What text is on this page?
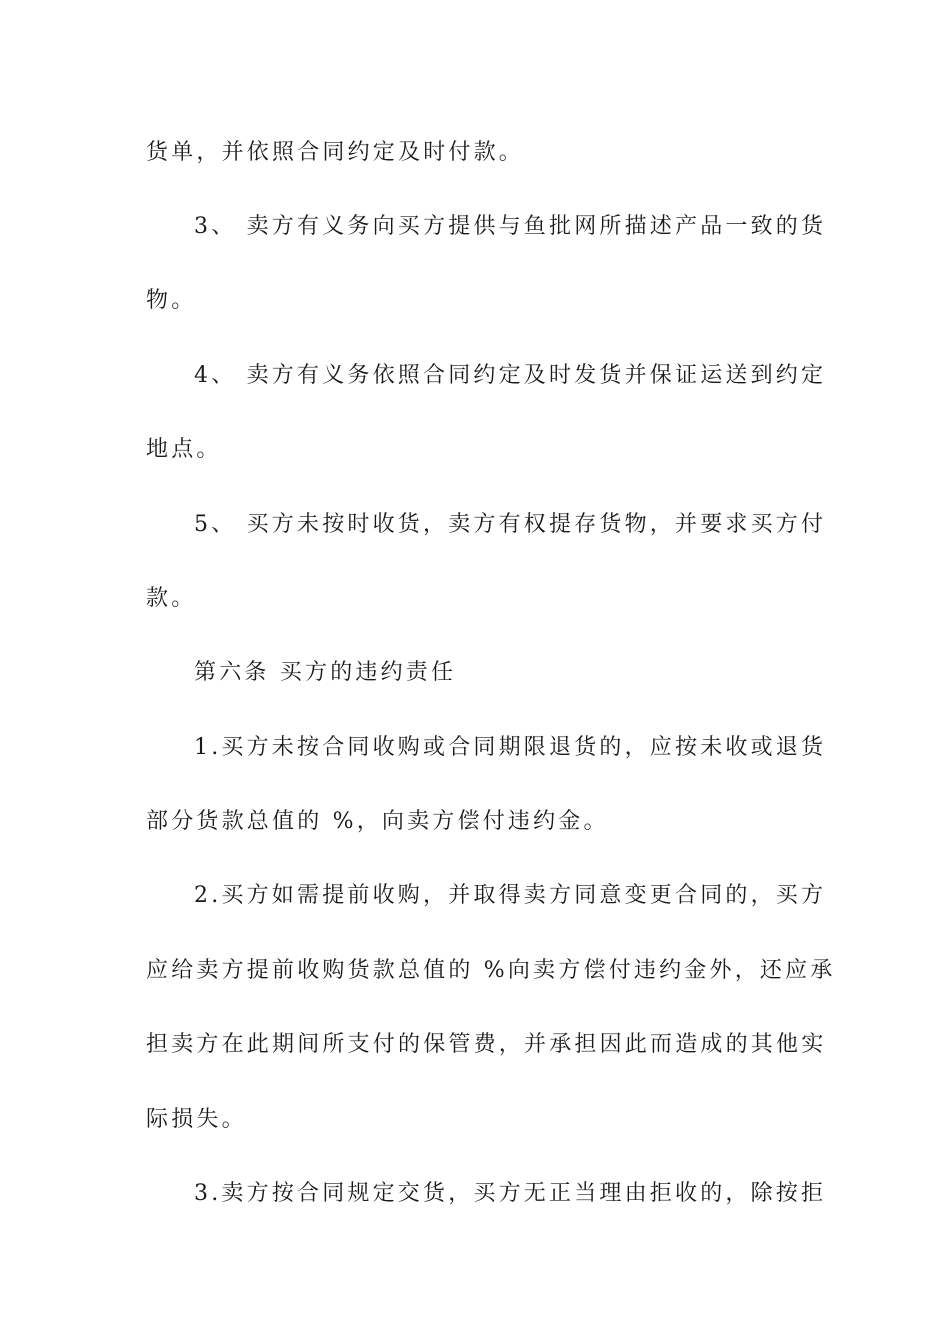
货单，并依照合同约定及时付款。
3、 卖方有义务向买方提供与鱼批网所描述产品一致的货
物。
4、 卖方有义务依照合同约定及时发货并保证运送到约定
地点。
5、 买方未按时收货，卖方有权提存货物，并要求买方付
款。
第六条 买方的违约责任
1.买方未按合同收购或合同期限退货的，应按未收或退货
部分货款总值的 %，向卖方偿付违约金。
2.买方如需提前收购，并取得卖方同意变更合同的，买方
应给卖方提前收购货款总值的 %向卖方偿付违约金外，还应承
担卖方在此期间所支付的保管费，并承担因此而造成的其他实
际损失。
3.卖方按合同规定交货，买方无正当理由拒收的，除按拒
